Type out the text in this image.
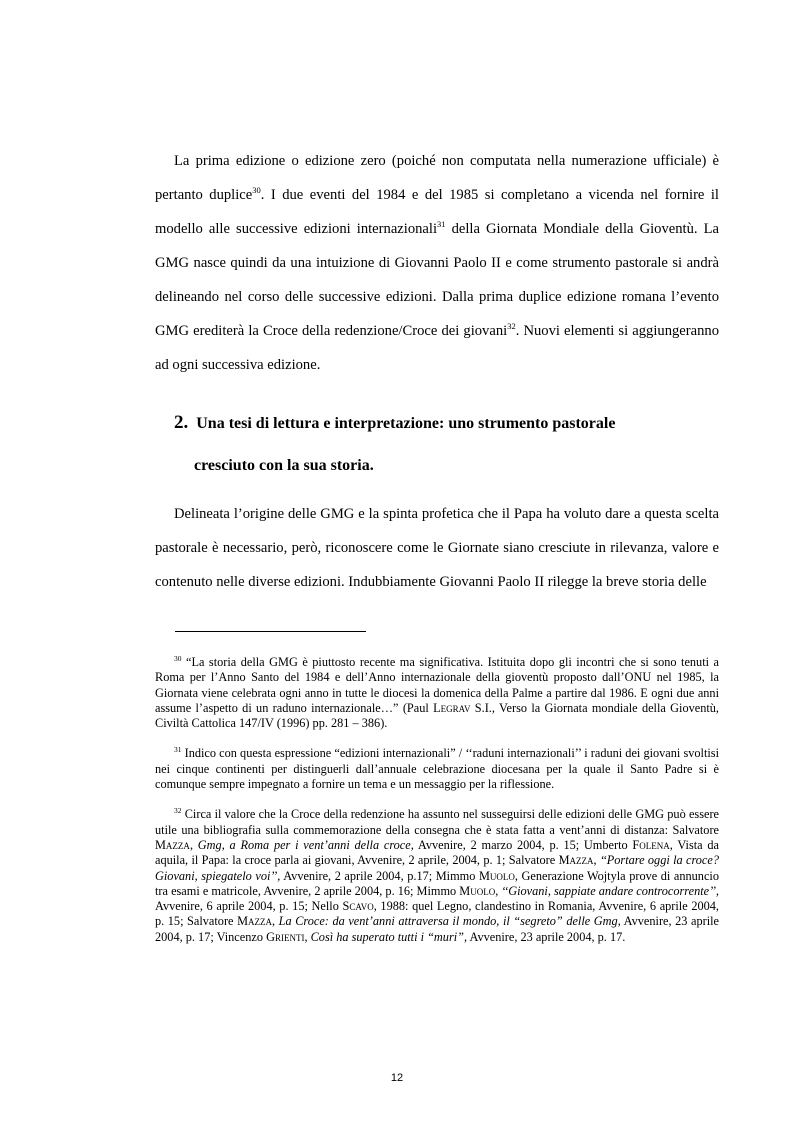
La prima edizione o edizione zero (poiché non computata nella numerazione ufficiale) è pertanto duplice$^{30}$. I due eventi del 1984 e del 1985 si completano a vicenda nel fornire il modello alle successive edizioni internazionali$^{31}$ della Giornata Mondiale della Gioventù. La GMG nasce quindi da una intuizione di Giovanni Paolo II e come strumento pastorale si andrà delineando nel corso delle successive edizioni. Dalla prima duplice edizione romana l’evento GMG erediterà la Croce della redenzione/Croce dei giovani$^{32}$. Nuovi elementi si aggiungeranno ad ogni successiva edizione.

2. Una tesi di lettura e interpretazione: uno strumento pastorale
cresciuto con la sua storia.

Delineata l’origine delle GMG e la spinta profetica che il Papa ha voluto dare a questa scelta pastorale è necessario, però, riconoscere come le Giornate siano cresciute in rilevanza, valore e contenuto nelle diverse edizioni. Indubbiamente Giovanni Paolo II rilegge la breve storia delle

$^{30}$ “La storia della GMG è piuttosto recente ma significativa. Istituita dopo gli incontri che si sono tenuti a Roma per l’Anno Santo del 1984 e dell’Anno internazionale della gioventù proposto dall’ONU nel 1985, la Giornata viene celebrata ogni anno in tutte le diocesi la domenica della Palme a partire dal 1986. E ogni due anni assume l’aspetto di un raduno internazionale…” (Paul Legrav S.I., Verso la Giornata mondiale della Gioventù, Civiltà Cattolica 147/IV (1996) pp. 281 – 386).

$^{31}$ Indico con questa espressione “edizioni internazionali” / ‘‘raduni internazionali’’ i raduni dei giovani svoltisi nei cinque continenti per distinguerli dall’annuale celebrazione diocesana per la quale il Santo Padre si è comunque sempre impegnato a fornire un tema e un messaggio per la riflessione.

$^{32}$ Circa il valore che la Croce della redenzione ha assunto nel susseguirsi delle edizioni delle GMG può essere utile una bibliografia sulla commemorazione della consegna che è stata fatta a vent’anni di distanza: Salvatore Mazza, Gmg, a Roma per i vent’anni della croce, Avvenire, 2 marzo 2004, p. 15; Umberto Folena, Vista da aquila, il Papa: la croce parla ai giovani, Avvenire, 2 aprile, 2004, p. 1; Salvatore Mazza, ‘‘Portare oggi la croce? Giovani, spiegatelo voi’’, Avvenire, 2 aprile 2004, p.17; Mimmo Muolo, Generazione Wojtyla prove di annuncio tra esami e matricole, Avvenire, 2 aprile 2004, p. 16; Mimmo Muolo, ‘‘Giovani, sappiate andare controcorrente’’, Avvenire, 6 aprile 2004, p. 15; Nello Scavo, 1988: quel Legno, clandestino in Romania, Avvenire, 6 aprile 2004, p. 15; Salvatore Mazza, La Croce: da vent’anni attraversa il mondo, il “segreto” delle Gmg, Avvenire, 23 aprile 2004, p. 17; Vincenzo Grienti, Così ha superato tutti i “muri”, Avvenire, 23 aprile 2004, p. 17.

12
